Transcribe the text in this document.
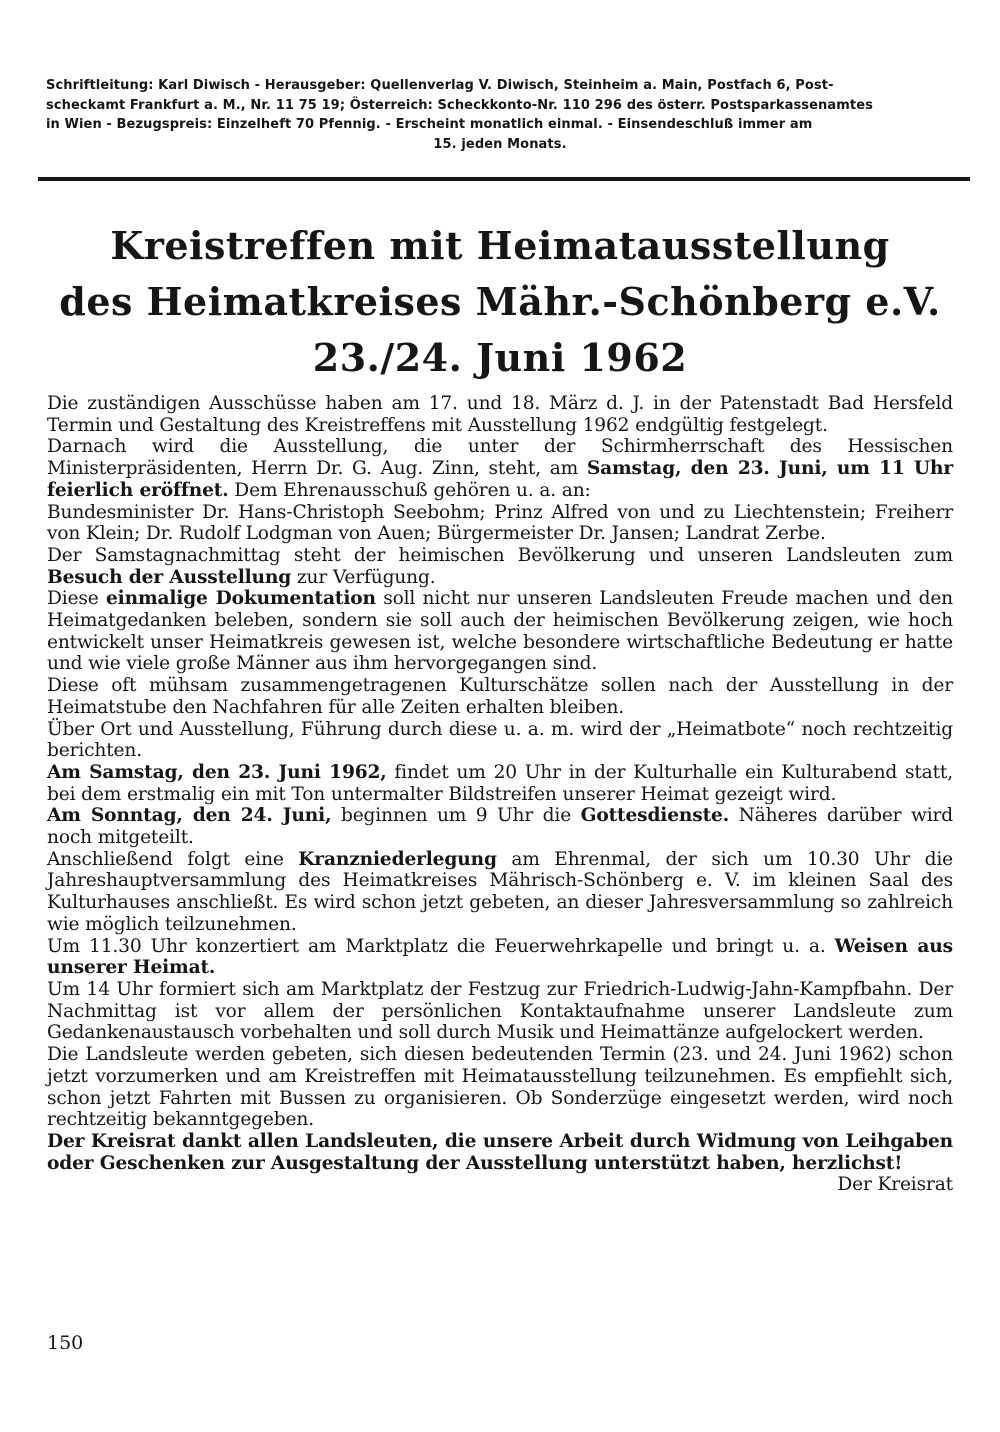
Schriftleitung: Karl Diwisch - Herausgeber: Quellenverlag V. Diwisch, Steinheim a. Main, Postfach 6, Post-
scheckamt Frankfurt a. M., Nr. 11 75 19; Österreich: Scheckkonto-Nr. 110 296 des österr. Postsparkassenamtes
in Wien - Bezugspreis: Einzelheft 70 Pfennig. - Erscheint monatlich einmal. - Einsendeschluß immer am
15. jeden Monats.
Kreistreffen mit Heimatausstellung
des Heimatkreises Mähr.-Schönberg e.V.
23./24. Juni 1962

Die zuständigen Ausschüsse haben am 17. und 18. März d. J. in der Patenstadt Bad Hersfeld Termin und Gestaltung des Kreistreffens mit Ausstellung 1962 endgültig festgelegt.

Darnach wird die Ausstellung, die unter der Schirmherrschaft des Hessischen Ministerpräsidenten, Herrn Dr. G. Aug. Zinn, steht, am Samstag, den 23. Juni, um 11 Uhr feierlich eröffnet. Dem Ehrenausschuß gehören u. a. an:

Bundesminister Dr. Hans-Christoph Seebohm; Prinz Alfred von und zu Liechtenstein; Freiherr von Klein; Dr. Rudolf Lodgman von Auen; Bürgermeister Dr. Jansen; Landrat Zerbe.

Der Samstagnachmittag steht der heimischen Bevölkerung und unseren Landsleuten zum Besuch der Ausstellung zur Verfügung.

Diese einmalige Dokumentation soll nicht nur unseren Landsleuten Freude machen und den Heimatgedanken beleben, sondern sie soll auch der heimischen Bevölkerung zeigen, wie hoch entwickelt unser Heimatkreis gewesen ist, welche besondere wirtschaftliche Bedeutung er hatte und wie viele große Männer aus ihm hervorgegangen sind.

Diese oft mühsam zusammengetragenen Kulturschätze sollen nach der Ausstellung in der Heimatstube den Nachfahren für alle Zeiten erhalten bleiben.

Über Ort und Ausstellung, Führung durch diese u. a. m. wird der „Heimatbote“ noch rechtzeitig berichten.

Am Samstag, den 23. Juni 1962, findet um 20 Uhr in der Kulturhalle ein Kulturabend statt, bei dem erstmalig ein mit Ton untermalter Bildstreifen unserer Heimat gezeigt wird.

Am Sonntag, den 24. Juni, beginnen um 9 Uhr die Gottesdienste. Näheres darüber wird noch mitgeteilt.

Anschließend folgt eine Kranzniederlegung am Ehrenmal, der sich um 10.30 Uhr die Jahreshauptversammlung des Heimatkreises Mährisch-Schönberg e. V. im kleinen Saal des Kulturhauses anschließt. Es wird schon jetzt gebeten, an dieser Jahresversammlung so zahlreich wie möglich teilzunehmen.

Um 11.30 Uhr konzertiert am Marktplatz die Feuerwehrkapelle und bringt u. a. Weisen aus unserer Heimat.

Um 14 Uhr formiert sich am Marktplatz der Festzug zur Friedrich-Ludwig-Jahn-Kampfbahn. Der Nachmittag ist vor allem der persönlichen Kontaktaufnahme unserer Landsleute zum Gedankenaustausch vorbehalten und soll durch Musik und Heimattänze aufgelockert werden.

Die Landsleute werden gebeten, sich diesen bedeutenden Termin (23. und 24. Juni 1962) schon jetzt vorzumerken und am Kreistreffen mit Heimatausstellung teilzunehmen. Es empfiehlt sich, schon jetzt Fahrten mit Bussen zu organisieren. Ob Sonderzüge eingesetzt werden, wird noch rechtzeitig bekanntgegeben.

Der Kreisrat dankt allen Landsleuten, die unsere Arbeit durch Widmung von Leihgaben oder Geschenken zur Ausgestaltung der Ausstellung unterstützt haben, herzlichst!

Der Kreisrat

150
